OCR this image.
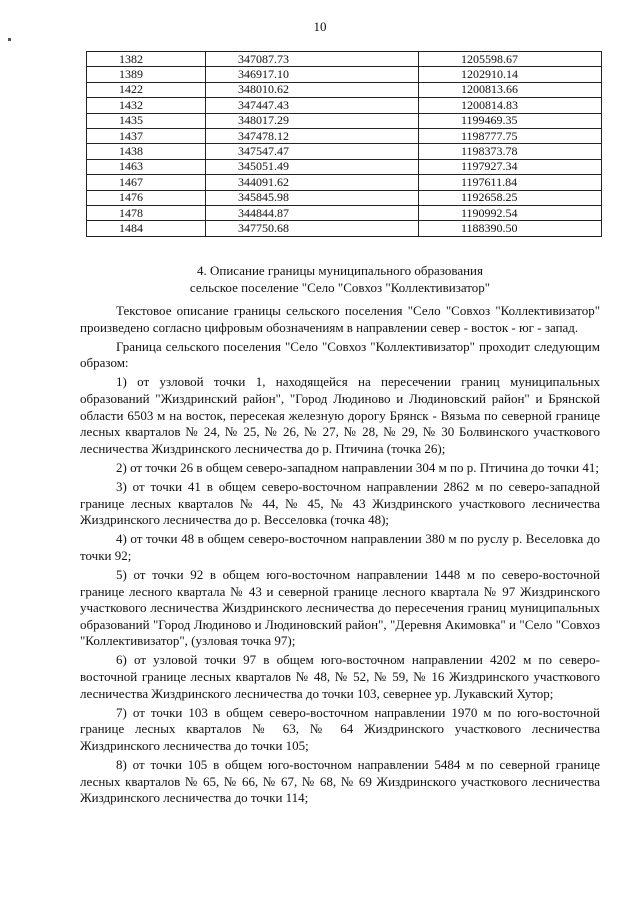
10
1382	347087.73	1205598.67
1389	346917.10	1202910.14
1422	348010.62	1200813.66
1432	347447.43	1200814.83
1435	348017.29	1199469.35
1437	347478.12	1198777.75
1438	347547.47	1198373.78
1463	345051.49	1197927.34
1467	344091.62	1197611.84
1476	345845.98	1192658.25
1478	344844.87	1190992.54
1484	347750.68	1188390.50
4. Описание границы муниципального образования
сельское поселение "Село "Совхоз "Коллективизатор"

Текстовое описание границы сельского поселения "Село "Совхоз "Коллективизатор" произведено согласно цифровым обозначениям в направлении север - восток - юг - запад.

Граница сельского поселения "Село "Совхоз "Коллективизатор" проходит следующим образом:

1) от узловой точки 1, находящейся на пересечении границ муниципальных образований "Жиздринский район", "Город Людиново и Людиновский район" и Брянской области 6503 м на восток, пересекая железную дорогу Брянск - Вязьма по северной границе лесных кварталов № 24, № 25, № 26, № 27, № 28, № 29, № 30 Болвинского участкового лесничества Жиздринского лесничества до р. Птичина (точка 26);

2) от точки 26 в общем северо-западном направлении 304 м по р. Птичина до точки 41;

3) от точки 41 в общем северо-восточном направлении 2862 м по северо-западной границе лесных кварталов № 44, № 45, № 43 Жиздринского участкового лесничества Жиздринского лесничества до р. Весселовка (точка 48);

4) от точки 48 в общем северо-восточном направлении 380 м по руслу р. Веселовка до точки 92;

5) от точки 92 в общем юго-восточном направлении 1448 м по северо-восточной границе лесного квартала № 43 и северной границе лесного квартала № 97 Жиздринского участкового лесничества Жиздринского лесничества до пересечения границ муниципальных образований "Город Людиново и Людиновский район", "Деревня Акимовка" и "Село "Совхоз "Коллективизатор", (узловая точка 97);

6) от узловой точки 97 в общем юго-восточном направлении 4202 м по северо-восточной границе лесных кварталов № 48, № 52, № 59, № 16 Жиздринского участкового лесничества Жиздринского лесничества до точки 103, севернее ур. Лукавский Хутор;

7) от точки 103 в общем северо-восточном направлении 1970 м по юго-восточной границе лесных кварталов № 63, № 64 Жиздринского участкового лесничества Жиздринского лесничества до точки 105;

8) от точки 105 в общем юго-восточном направлении 5484 м по северной границе лесных кварталов № 65, № 66, № 67, № 68, № 69 Жиздринского участкового лесничества Жиздринского лесничества до точки 114;
